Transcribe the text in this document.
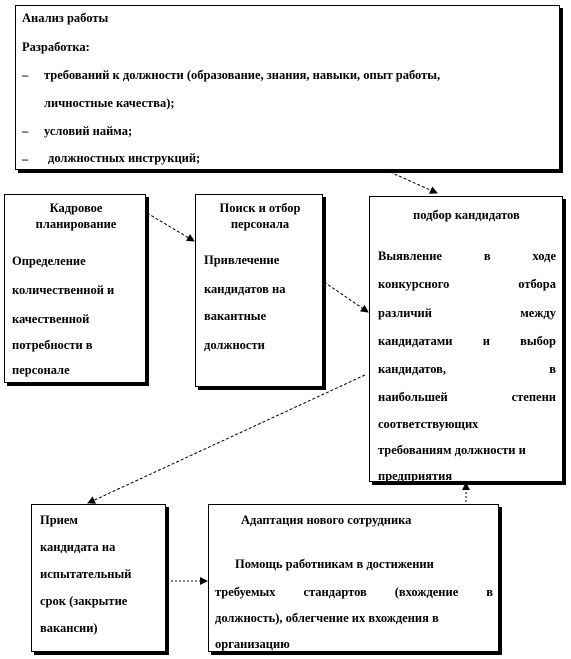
Анализ работы
Разработка:
– требований к должности (образование, знания, навыки, опыт работы,
личностные качества);
– условий найма;
– должностных инструкций;
Кадровое
планирование
Определение
количественной и
качественной
потребности в
персонале
Поиск и отбор
персонала
Привлечение
кандидатов на
вакантные
должности
подбор кандидатов
Выявление	в	ходе
конкурсного	отбора
различий	между
кандидатами и выбор
кандидатов,	в
наибольшей	степени
соответствующих
требованиям должности и
предприятия
Прием
кандидата на
испытательный
срок (закрытие
вакансии)
Адаптация нового сотрудника
Помощь работникам в достижении
требуемых стандартов (вхождение в
должность), облегчение их вхождения в
организацию
